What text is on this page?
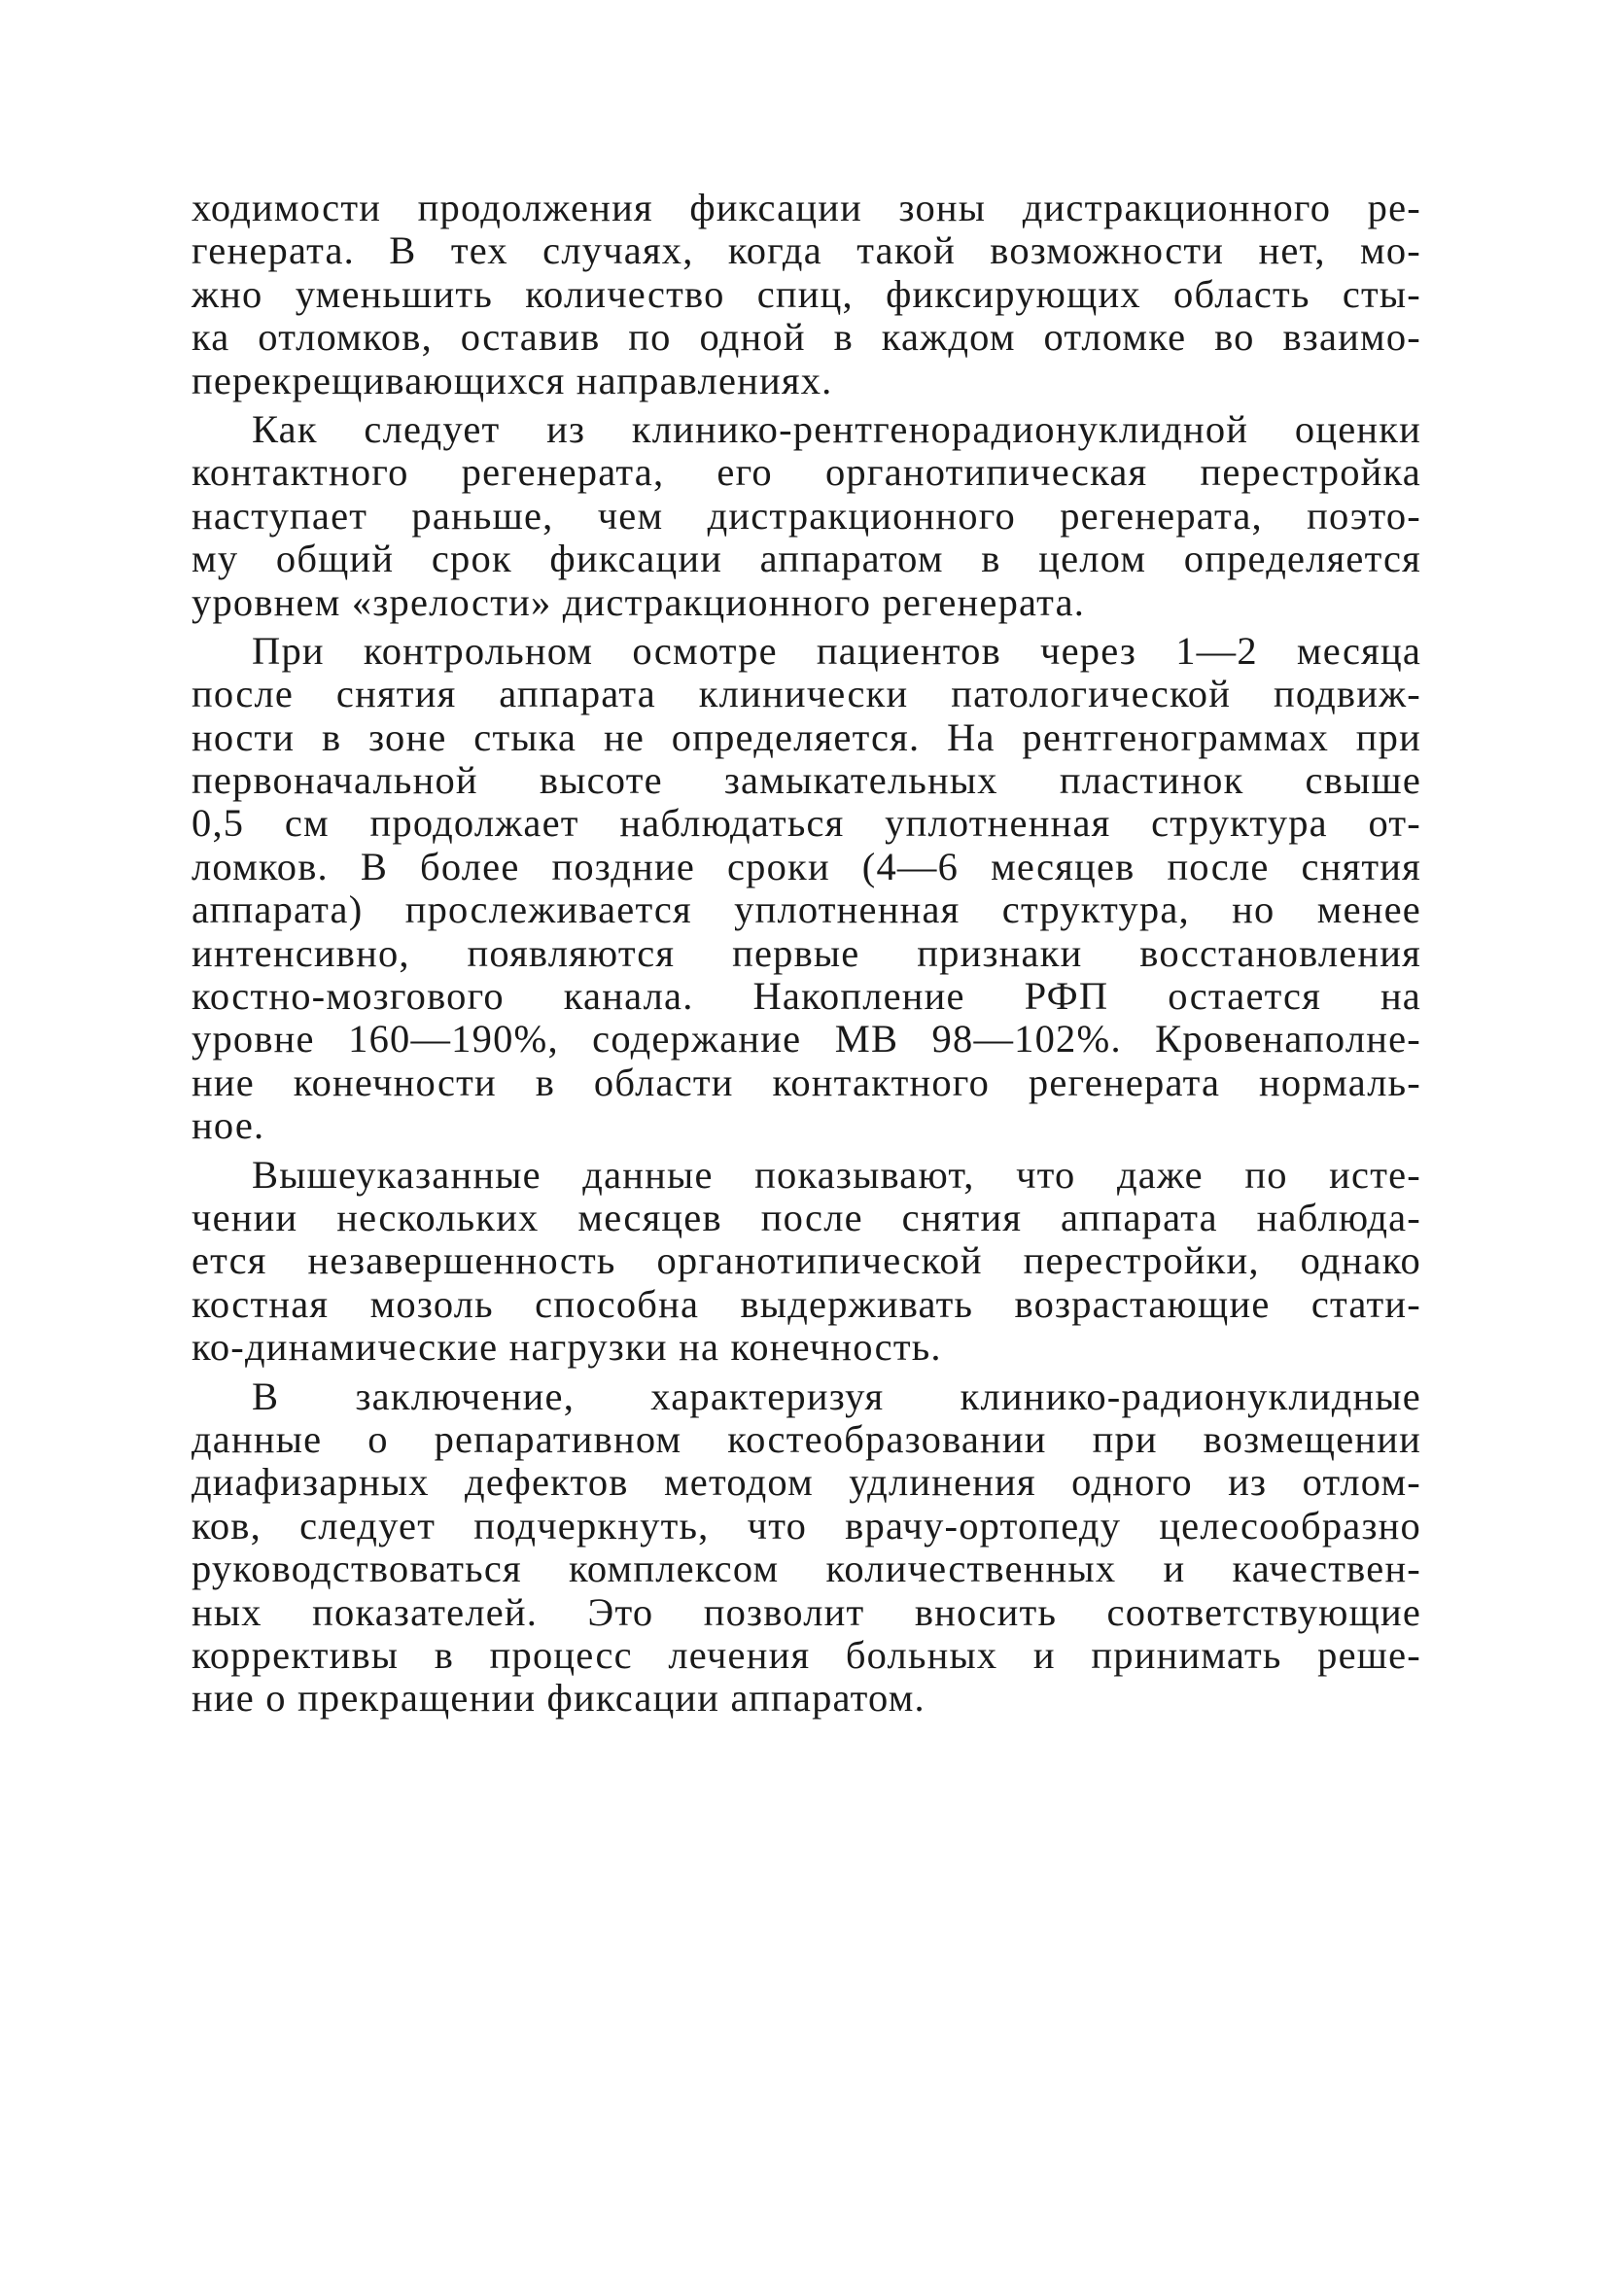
ходимости продолжения фиксации зоны дистракционного ре-
генерата. В тех случаях, когда такой возможности нет, мо-
жно уменьшить количество спиц, фиксирующих область сты-
ка отломков, оставив по одной в каждом отломке во взаимо-
перекрещивающихся направлениях.

Как следует из клинико-рентгенорадионуклидной оценки
контактного регенерата, его органотипическая перестройка
наступает раньше, чем дистракционного регенерата, поэто-
му общий срок фиксации аппаратом в целом определяется
уровнем «зрелости» дистракционного регенерата.

При контрольном осмотре пациентов через 1—2 месяца
после снятия аппарата клинически патологической подвиж-
ности в зоне стыка не определяется. На рентгенограммах при
первоначальной высоте замыкательных пластинок свыше
0,5 см продолжает наблюдаться уплотненная структура от-
ломков. В более поздние сроки (4—6 месяцев после снятия
аппарата) прослеживается уплотненная структура, но менее
интенсивно, появляются первые признаки восстановления
костно-мозгового канала. Накопление РФП остается на
уровне 160—190%, содержание МВ 98—102%. Кровенаполне-
ние конечности в области контактного регенерата нормаль-
ное.

Вышеуказанные данные показывают, что даже по исте-
чении нескольких месяцев после снятия аппарата наблюда-
ется незавершенность органотипической перестройки, однако
костная мозоль способна выдерживать возрастающие стати-
ко-динамические нагрузки на конечность.

В заключение, характеризуя клинико-радионуклидные
данные о репаративном костеобразовании при возмещении
диафизарных дефектов методом удлинения одного из отлом-
ков, следует подчеркнуть, что врачу-ортопеду целесообразно
руководствоваться комплексом количественных и качествен-
ных показателей. Это позволит вносить соответствующие
коррективы в процесс лечения больных и принимать реше-
ние о прекращении фиксации аппаратом.
